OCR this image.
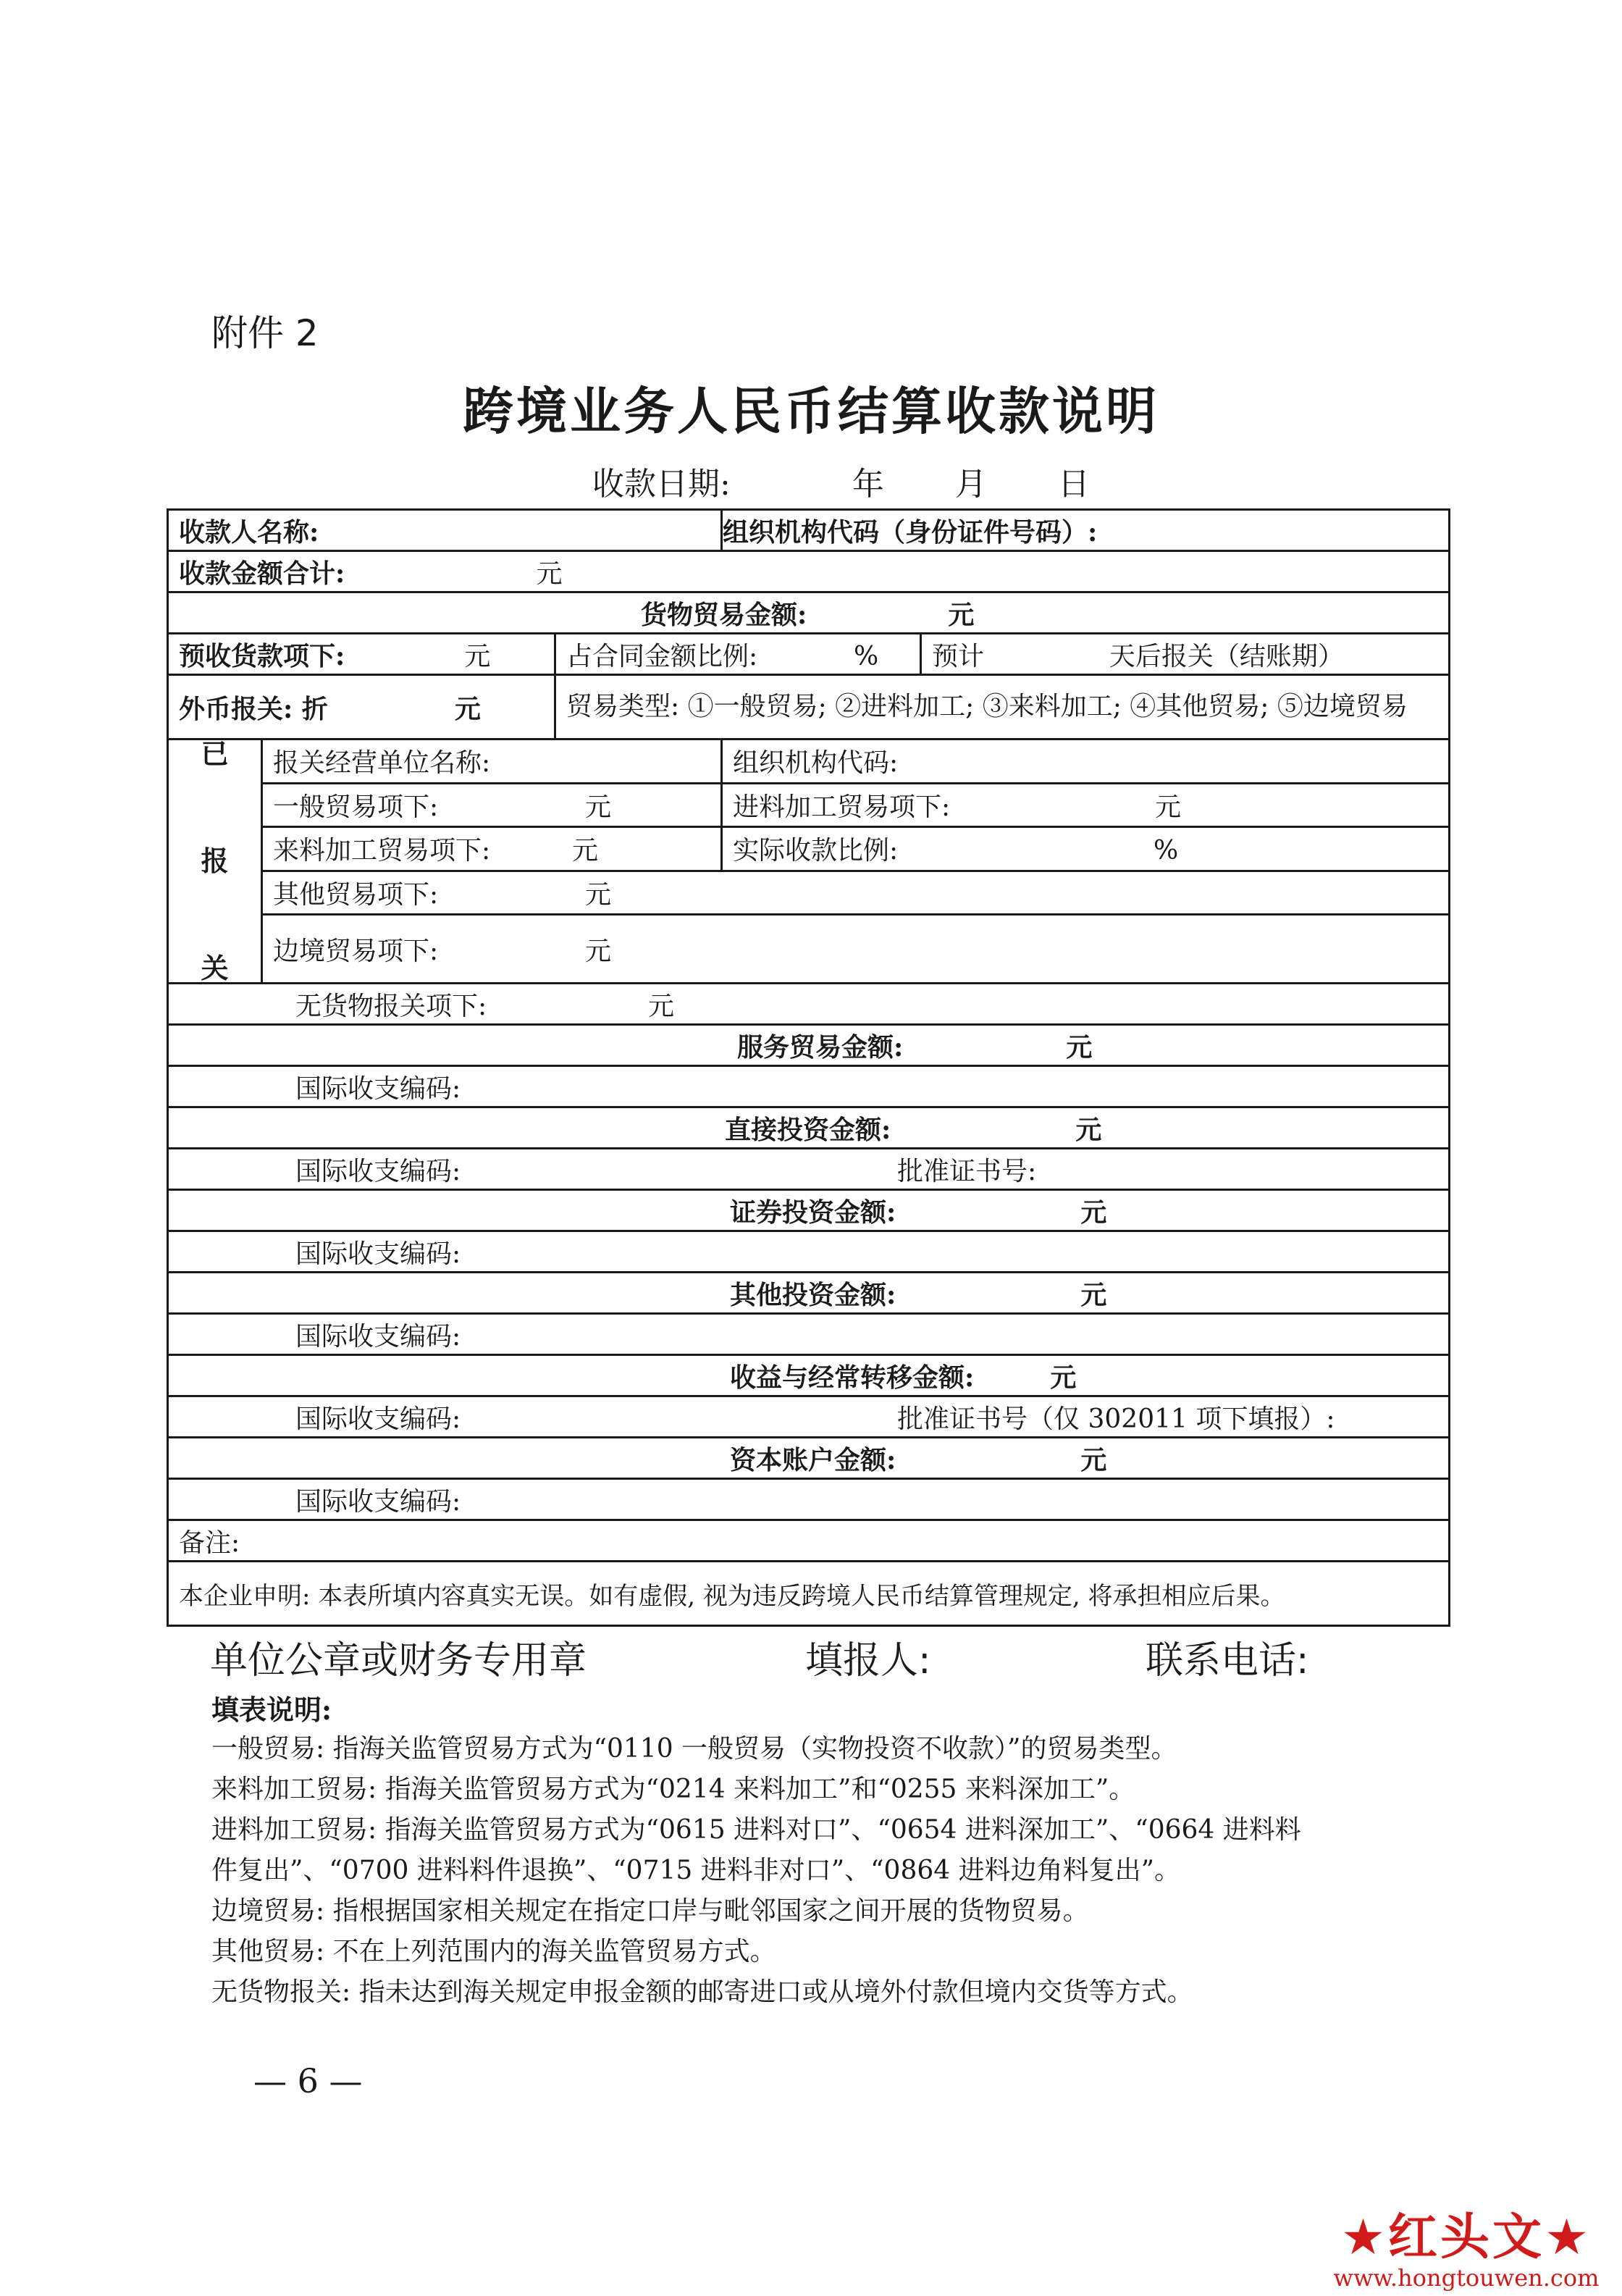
附件 2
跨境业务人民币结算收款说明
收款日期:	年 月 日
收款人名称:			组织机构代码（身份证件号码）:	
收款金额合计:		元		
货物贸易金额: 元				
预收货款项下: 元		占合同金额比例: %		预计 天后报关（结账期）
外币报关: 折 元		贸易类型: ①一般贸易; ②进料加工; ③来料加工; ④其他贸易; ⑤边境贸易		

已
报
关	报关经营单位名称:		组织机构代码:	
	一般贸易项下: 元		进料加工贸易项下: 元	
	来料加工贸易项下: 元		实际收款比例: %	
	其他贸易项下: 元			
	边境贸易项下: 元			
无货物报关项下: 元				
服务贸易金额: 元				
国际收支编码:				
直接投资金额: 元				
国际收支编码: 批准证书号:				
证券投资金额: 元				
国际收支编码:				
其他投资金额: 元				
国际收支编码:				
收益与经常转移金额: 元				
国际收支编码: 批准证书号（仅 302011 项下填报）:				
资本账户金额: 元				
国际收支编码:				
备注:				
本企业申明: 本表所填内容真实无误。如有虚假, 视为违反跨境人民币结算管理规定, 将承担相应后果。				
单位公章或财务专用章	填报人:	联系电话:
填表说明:
一般贸易: 指海关监管贸易方式为“0110 一般贸易（实物投资不收款）”的贸易类型。
来料加工贸易: 指海关监管贸易方式为“0214 来料加工”和“0255 来料深加工”。
进料加工贸易: 指海关监管贸易方式为“0615 进料对口”、“0654 进料深加工”、“0664 进料料
件复出”、“0700 进料料件退换”、“0715 进料非对口”、“0864 进料边角料复出”。
边境贸易: 指根据国家相关规定在指定口岸与毗邻国家之间开展的货物贸易。
其他贸易: 不在上列范围内的海关监管贸易方式。
无货物报关: 指未达到海关规定申报金额的邮寄进口或从境外付款但境内交货等方式。
— 6 —
★红头文★
www.hongtouwen.com
